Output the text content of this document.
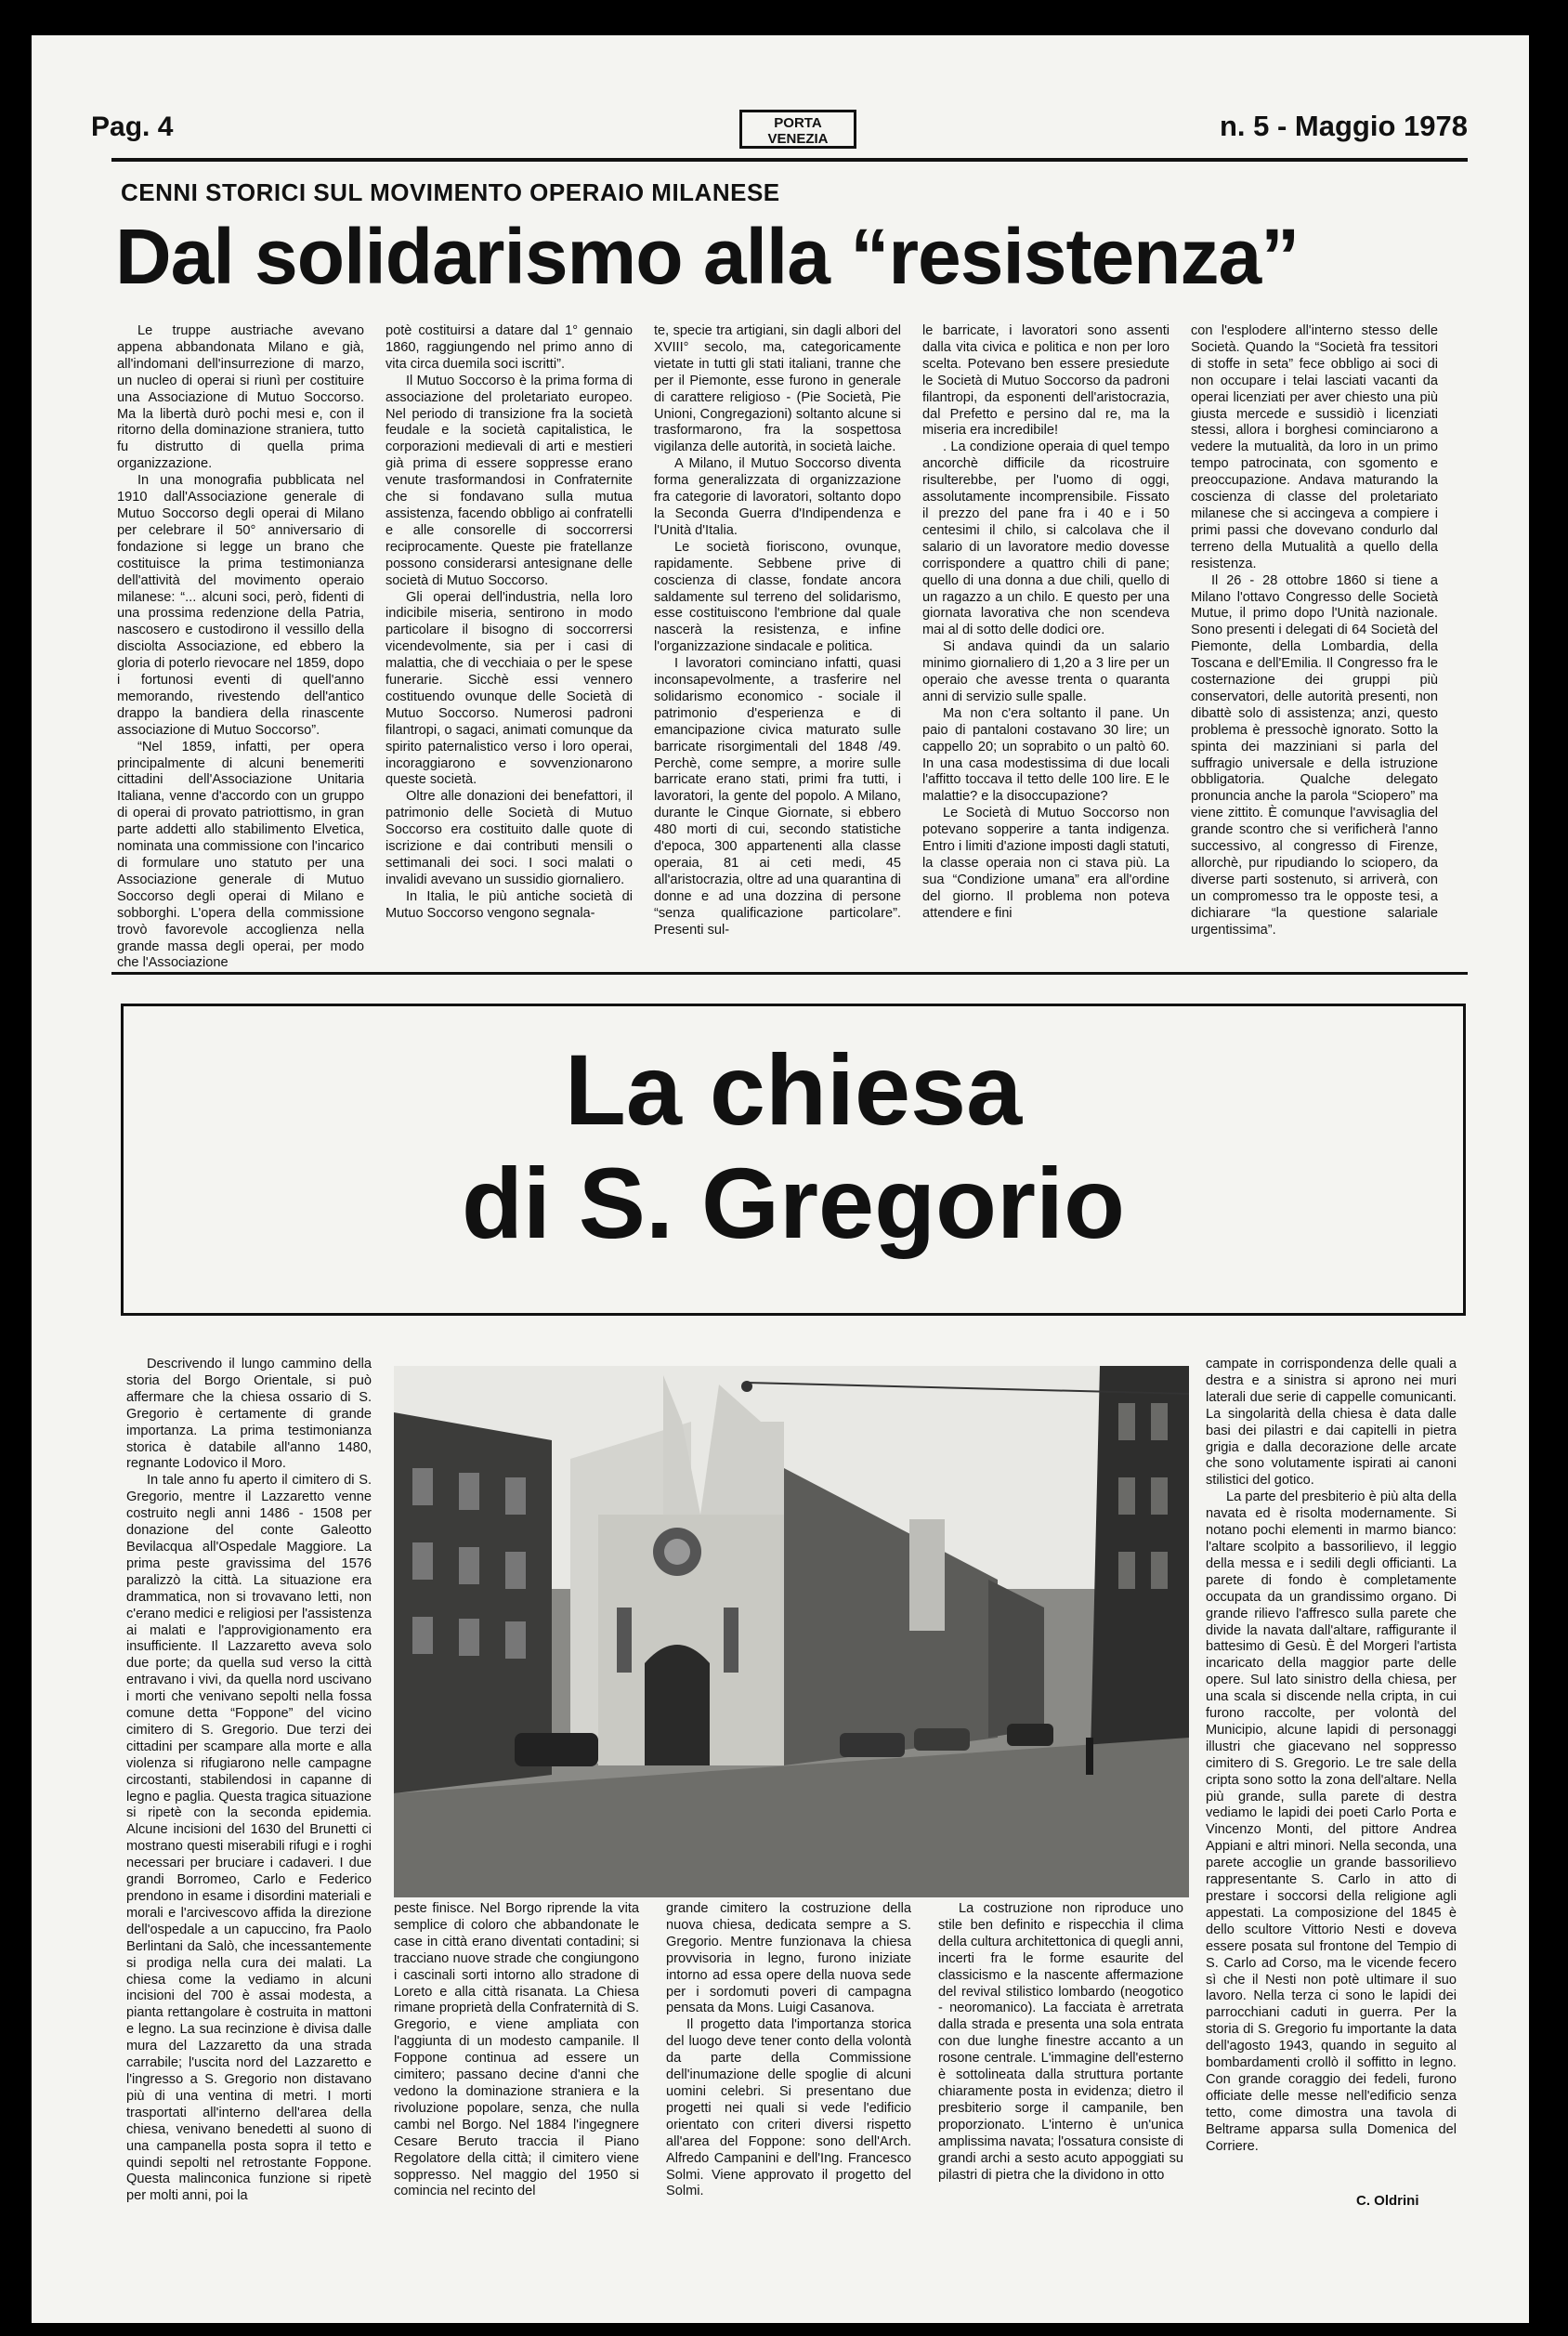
Pag. 4	PORTA
VENEZIA	n. 5 - Maggio 1978
CENNI STORICI SUL MOVIMENTO OPERAIO MILANESE
Dal solidarismo alla “resistenza”

Le truppe austriache avevano appena abbandonata Milano e già, all'indomani dell'insurrezione di marzo, un nucleo di operai si riunì per costituire una Associazione di Mutuo Soccorso. Ma la libertà durò pochi mesi e, con il ritorno della dominazione straniera, tutto fu distrutto di quella prima organizzazione.

In una monografia pubblicata nel 1910 dall'Associazione generale di Mutuo Soccorso degli operai di Milano per celebrare il 50° anniversario di fondazione si legge un brano che costituisce la prima testimonianza dell'attività del movimento operaio milanese: “... alcuni soci, però, fidenti di una prossima redenzione della Patria, nascosero e custodirono il vessillo della disciolta Associazione, ed ebbero la gloria di poterlo rievocare nel 1859, dopo i fortunosi eventi di quell'anno memorando, rivestendo dell'antico drappo la bandiera della rinascente associazione di Mutuo Soccorso”.

“Nel 1859, infatti, per opera principalmente di alcuni benemeriti cittadini dell'Associazione Unitaria Italiana, venne d'accordo con un gruppo di operai di provato patriottismo, in gran parte addetti allo stabilimento Elvetica, nominata una commissione con l'incarico di formulare uno statuto per una Associazione generale di Mutuo Soccorso degli operai di Milano e sobborghi. L'opera della commissione trovò favorevole accoglienza nella grande massa degli operai, per modo che l'Associazione

potè costituirsi a datare dal 1° gennaio 1860, raggiungendo nel primo anno di vita circa duemila soci iscritti”.

Il Mutuo Soccorso è la prima forma di associazione del proletariato europeo. Nel periodo di transizione fra la società feudale e la società capitalistica, le corporazioni medievali di arti e mestieri già prima di essere soppresse erano venute trasformandosi in Confraternite che si fondavano sulla mutua assistenza, facendo obbligo ai confratelli e alle consorelle di soccorrersi reciprocamente. Queste pie fratellanze possono considerarsi antesignane delle società di Mutuo Soccorso.

Gli operai dell'industria, nella loro indicibile miseria, sentirono in modo particolare il bisogno di soccorrersi vicendevolmente, sia per i casi di malattia, che di vecchiaia o per le spese funerarie. Sicchè essi vennero costituendo ovunque delle Società di Mutuo Soccorso. Numerosi padroni filantropi, o sagaci, animati comunque da spirito paternalistico verso i loro operai, incoraggiarono e sovvenzionarono queste società.

Oltre alle donazioni dei benefattori, il patrimonio delle Società di Mutuo Soccorso era costituito dalle quote di iscrizione e dai contributi mensili o settimanali dei soci. I soci malati o invalidi avevano un sussidio giornaliero.

In Italia, le più antiche società di Mutuo Soccorso vengono segnala-

te, specie tra artigiani, sin dagli albori del XVIII° secolo, ma, categoricamente vietate in tutti gli stati italiani, tranne che per il Piemonte, esse furono in generale di carattere religioso - (Pie Società, Pie Unioni, Congregazioni) soltanto alcune si trasformarono, fra la sospettosa vigilanza delle autorità, in società laiche.

A Milano, il Mutuo Soccorso diventa forma generalizzata di organizzazione fra categorie di lavoratori, soltanto dopo la Seconda Guerra d'Indipendenza e l'Unità d'Italia.

Le società fioriscono, ovunque, rapidamente. Sebbene prive di coscienza di classe, fondate ancora saldamente sul terreno del solidarismo, esse costituiscono l'embrione dal quale nascerà la resistenza, e infine l'organizzazione sindacale e politica.

I lavoratori cominciano infatti, quasi inconsapevolmente, a trasferire nel solidarismo economico - sociale il patrimonio d'esperienza e di emancipazione civica maturato sulle barricate risorgimentali del 1848 /49. Perchè, come sempre, a morire sulle barricate erano stati, primi fra tutti, i lavoratori, la gente del popolo. A Milano, durante le Cinque Giornate, si ebbero 480 morti di cui, secondo statistiche d'epoca, 300 appartenenti alla classe operaia, 81 ai ceti medi, 45 all'aristocrazia, oltre ad una quarantina di donne e ad una dozzina di persone “senza qualificazione particolare”. Presenti sul-

le barricate, i lavoratori sono assenti dalla vita civica e politica e non per loro scelta. Potevano ben essere presiedute le Società di Mutuo Soccorso da padroni filantropi, da esponenti dell'aristocrazia, dal Prefetto e persino dal re, ma la miseria era incredibile!

. La condizione operaia di quel tempo ancorchè difficile da ricostruire risulterebbe, per l'uomo di oggi, assolutamente incomprensibile. Fissato il prezzo del pane fra i 40 e i 50 centesimi il chilo, si calcolava che il salario di un lavoratore medio dovesse corrispondere a quattro chili di pane; quello di una donna a due chili, quello di un ragazzo a un chilo. E questo per una giornata lavorativa che non scendeva mai al di sotto delle dodici ore.

Si andava quindi da un salario minimo giornaliero di 1,20 a 3 lire per un operaio che avesse trenta o quaranta anni di servizio sulle spalle.

Ma non c'era soltanto il pane. Un paio di pantaloni costavano 30 lire; un cappello 20; un soprabito o un paltò 60. In una casa modestissima di due locali l'affitto toccava il tetto delle 100 lire. E le malattie? e la disoccupazione?

Le Società di Mutuo Soccorso non potevano sopperire a tanta indigenza. Entro i limiti d'azione imposti dagli statuti, la classe operaia non ci stava più. La sua “Condizione umana” era all'ordine del giorno. Il problema non poteva attendere e fini

con l'esplodere all'interno stesso delle Società. Quando la “Società fra tessitori di stoffe in seta” fece obbligo ai soci di non occupare i telai lasciati vacanti da operai licenziati per aver chiesto una più giusta mercede e sussidiò i licenziati stessi, allora i borghesi cominciarono a vedere la mutualità, da loro in un primo tempo patrocinata, con sgomento e preoccupazione. Andava maturando la coscienza di classe del proletariato milanese che si accingeva a compiere i primi passi che dovevano condurlo dal terreno della Mutualità a quello della resistenza.

Il 26 - 28 ottobre 1860 si tiene a Milano l'ottavo Congresso delle Società Mutue, il primo dopo l'Unità nazionale. Sono presenti i delegati di 64 Società del Piemonte, della Lombardia, della Toscana e dell'Emilia. Il Congresso fra le costernazione dei gruppi più conservatori, delle autorità presenti, non dibattè solo di assistenza; anzi, questo problema è pressochè ignorato. Sotto la spinta dei mazziniani si parla del suffragio universale e della istruzione obbligatoria. Qualche delegato pronuncia anche la parola “Sciopero” ma viene zittito. È comunque l'avvisaglia del grande scontro che si verificherà l'anno successivo, al congresso di Firenze, allorchè, pur ripudiando lo sciopero, da diverse parti sostenuto, si arriverà, con un compromesso tra le opposte tesi, a dichiarare “la questione salariale urgentissima”.

La chiesa
di S. Gregorio

Descrivendo il lungo cammino della storia del Borgo Orientale, si può affermare che la chiesa ossario di S. Gregorio è certamente di grande importanza. La prima testimonianza storica è databile all'anno 1480, regnante Lodovico il Moro.

In tale anno fu aperto il cimitero di S. Gregorio, mentre il Lazzaretto venne costruito negli anni 1486 - 1508 per donazione del conte Galeotto Bevilacqua all'Ospedale Maggiore. La prima peste gravissima del 1576 paralizzò la città. La situazione era drammatica, non si trovavano letti, non c'erano medici e religiosi per l'assistenza ai malati e l'approvigionamento era insufficiente. Il Lazzaretto aveva solo due porte; da quella sud verso la città entravano i vivi, da quella nord uscivano i morti che venivano sepolti nella fossa comune detta “Foppone” del vicino cimitero di S. Gregorio. Due terzi dei cittadini per scampare alla morte e alla violenza si rifugiarono nelle campagne circostanti, stabilendosi in capanne di legno e paglia. Questa tragica situazione si ripetè con la seconda epidemia. Alcune incisioni del 1630 del Brunetti ci mostrano questi miserabili rifugi e i roghi necessari per bruciare i cadaveri. I due grandi Borromeo, Carlo e Federico prendono in esame i disordini materiali e morali e l'arcivescovo affida la direzione dell'ospedale a un capuccino, fra Paolo Berlintani da Salò, che incessantemente si prodiga nella cura dei malati. La chiesa come la vediamo in alcuni incisioni del 700 è assai modesta, a pianta rettangolare è costruita in mattoni e legno. La sua recinzione è divisa dalle mura del Lazzaretto da una strada carrabile; l'uscita nord del Lazzaretto e l'ingresso a S. Gregorio non distavano più di una ventina di metri. I morti trasportati all'interno dell'area della chiesa, venivano benedetti al suono di una campanella posta sopra il tetto e quindi sepolti nel retrostante Foppone. Questa malinconica funzione si ripetè per molti anni, poi la

peste finisce. Nel Borgo riprende la vita semplice di coloro che abbandonate le case in città erano diventati contadini; si tracciano nuove strade che congiungono i cascinali sorti intorno allo stradone di Loreto e alla città risanata. La Chiesa rimane proprietà della Confraternità di S. Gregorio, e viene ampliata con l'aggiunta di un modesto campanile. Il Foppone continua ad essere un cimitero; passano decine d'anni che vedono la dominazione straniera e la rivoluzione popolare, senza, che nulla cambi nel Borgo. Nel 1884 l'ingegnere Cesare Beruto traccia il Piano Regolatore della città; il cimitero viene soppresso. Nel maggio del 1950 si comincia nel recinto del

grande cimitero la costruzione della nuova chiesa, dedicata sempre a S. Gregorio. Mentre funzionava la chiesa provvisoria in legno, furono iniziate intorno ad essa opere della nuova sede per i sordomuti poveri di campagna pensata da Mons. Luigi Casanova.

Il progetto data l'importanza storica del luogo deve tener conto della volontà da parte della Commissione dell'inumazione delle spoglie di alcuni uomini celebri. Si presentano due progetti nei quali si vede l'edificio orientato con criteri diversi rispetto all'area del Foppone: sono dell'Arch. Alfredo Campanini e dell'Ing. Francesco Solmi. Viene approvato il progetto del Solmi.

La costruzione non riproduce uno stile ben definito e rispecchia il clima della cultura architettonica di quegli anni, incerti fra le forme esaurite del classicismo e la nascente affermazione del revival stilistico lombardo (neogotico - neoromanico). La facciata è arretrata dalla strada e presenta una sola entrata con due lunghe finestre accanto a un rosone centrale. L'immagine dell'esterno è sottolineata dalla struttura portante chiaramente posta in evidenza; dietro il presbiterio sorge il campanile, ben proporzionato. L'interno è un'unica amplissima navata; l'ossatura consiste di grandi archi a sesto acuto appoggiati su pilastri di pietra che la dividono in otto

campate in corrispondenza delle quali a destra e a sinistra si aprono nei muri laterali due serie di cappelle comunicanti. La singolarità della chiesa è data dalle basi dei pilastri e dai capitelli in pietra grigia e dalla decorazione delle arcate che sono volutamente ispirati ai canoni stilistici del gotico.

La parte del presbiterio è più alta della navata ed è risolta modernamente. Si notano pochi elementi in marmo bianco: l'altare scolpito a bassorilievo, il leggio della messa e i sedili degli officianti. La parete di fondo è completamente occupata da un grandissimo organo. Di grande rilievo l'affresco sulla parete che divide la navata dall'altare, raffigurante il battesimo di Gesù. È del Morgeri l'artista incaricato della maggior parte delle opere. Sul lato sinistro della chiesa, per una scala si discende nella cripta, in cui furono raccolte, per volontà del Municipio, alcune lapidi di personaggi illustri che giacevano nel soppresso cimitero di S. Gregorio. Le tre sale della cripta sono sotto la zona dell'altare. Nella più grande, sulla parete di destra vediamo le lapidi dei poeti Carlo Porta e Vincenzo Monti, del pittore Andrea Appiani e altri minori. Nella seconda, una parete accoglie un grande bassorilievo rappresentante S. Carlo in atto di prestare i soccorsi della religione agli appestati. La composizione del 1845 è dello scultore Vittorio Nesti e doveva essere posata sul frontone del Tempio di S. Carlo ad Corso, ma le vicende fecero sì che il Nesti non potè ultimare il suo lavoro. Nella terza ci sono le lapidi dei parrocchiani caduti in guerra. Per la storia di S. Gregorio fu importante la data dell'agosto 1943, quando in seguito al bombardamenti crollò il soffitto in legno. Con grande coraggio dei fedeli, furono officiate delle messe nell'edificio senza tetto, come dimostra una tavola di Beltrame apparsa sulla Domenica del Corriere.

C. Oldrini
